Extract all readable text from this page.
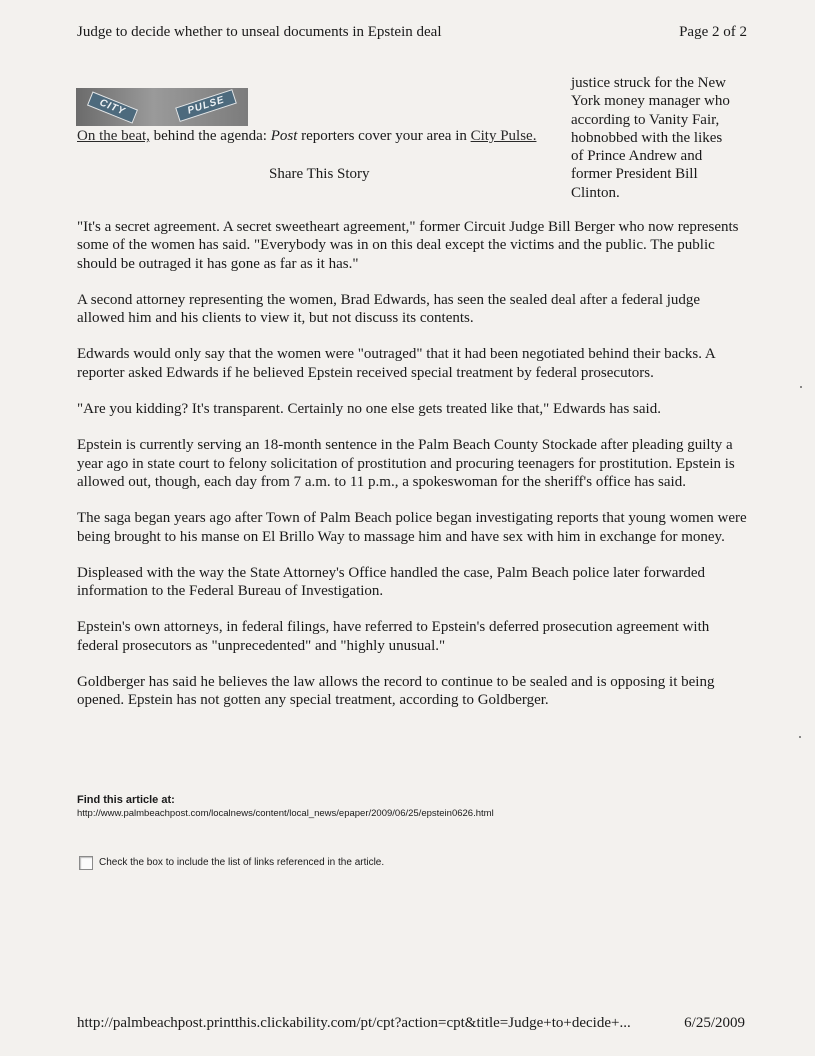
Judge to decide whether to unseal documents in Epstein deal	Page 2 of 2
CITY	PULSE
On the beat, behind the agenda: Post reporters cover your area in City Pulse.
Share This Story
justice struck for the New
York money manager who
according to Vanity Fair,
hobnobbed with the likes
of Prince Andrew and
former President Bill
Clinton.

"It's a secret agreement. A secret sweetheart agreement," former Circuit Judge Bill Berger who now represents some of the women has said. "Everybody was in on this deal except the victims and the public. The public should be outraged it has gone as far as it has."

A second attorney representing the women, Brad Edwards, has seen the sealed deal after a federal judge allowed him and his clients to view it, but not discuss its contents.

Edwards would only say that the women were "outraged" that it had been negotiated behind their backs. A reporter asked Edwards if he believed Epstein received special treatment by federal prosecutors.

"Are you kidding? It's transparent. Certainly no one else gets treated like that," Edwards has said.

Epstein is currently serving an 18-month sentence in the Palm Beach County Stockade after pleading guilty a year ago in state court to felony solicitation of prostitution and procuring teenagers for prostitution. Epstein is allowed out, though, each day from 7 a.m. to 11 p.m., a spokeswoman for the sheriff's office has said.

The saga began years ago after Town of Palm Beach police began investigating reports that young women were being brought to his manse on El Brillo Way to massage him and have sex with him in exchange for money.

Displeased with the way the State Attorney's Office handled the case, Palm Beach police later forwarded information to the Federal Bureau of Investigation.

Epstein's own attorneys, in federal filings, have referred to Epstein's deferred prosecution agreement with federal prosecutors as "unprecedented" and "highly unusual."

Goldberger has said he believes the law allows the record to continue to be sealed and is opposing it being opened. Epstein has not gotten any special treatment, according to Goldberger.

Find this article at:
http://www.palmbeachpost.com/localnews/content/local_news/epaper/2009/06/25/epstein0626.html
Check the box to include the list of links referenced in the article.
http://palmbeachpost.printthis.clickability.com/pt/cpt?action=cpt&title=Judge+to+decide+...	6/25/2009
